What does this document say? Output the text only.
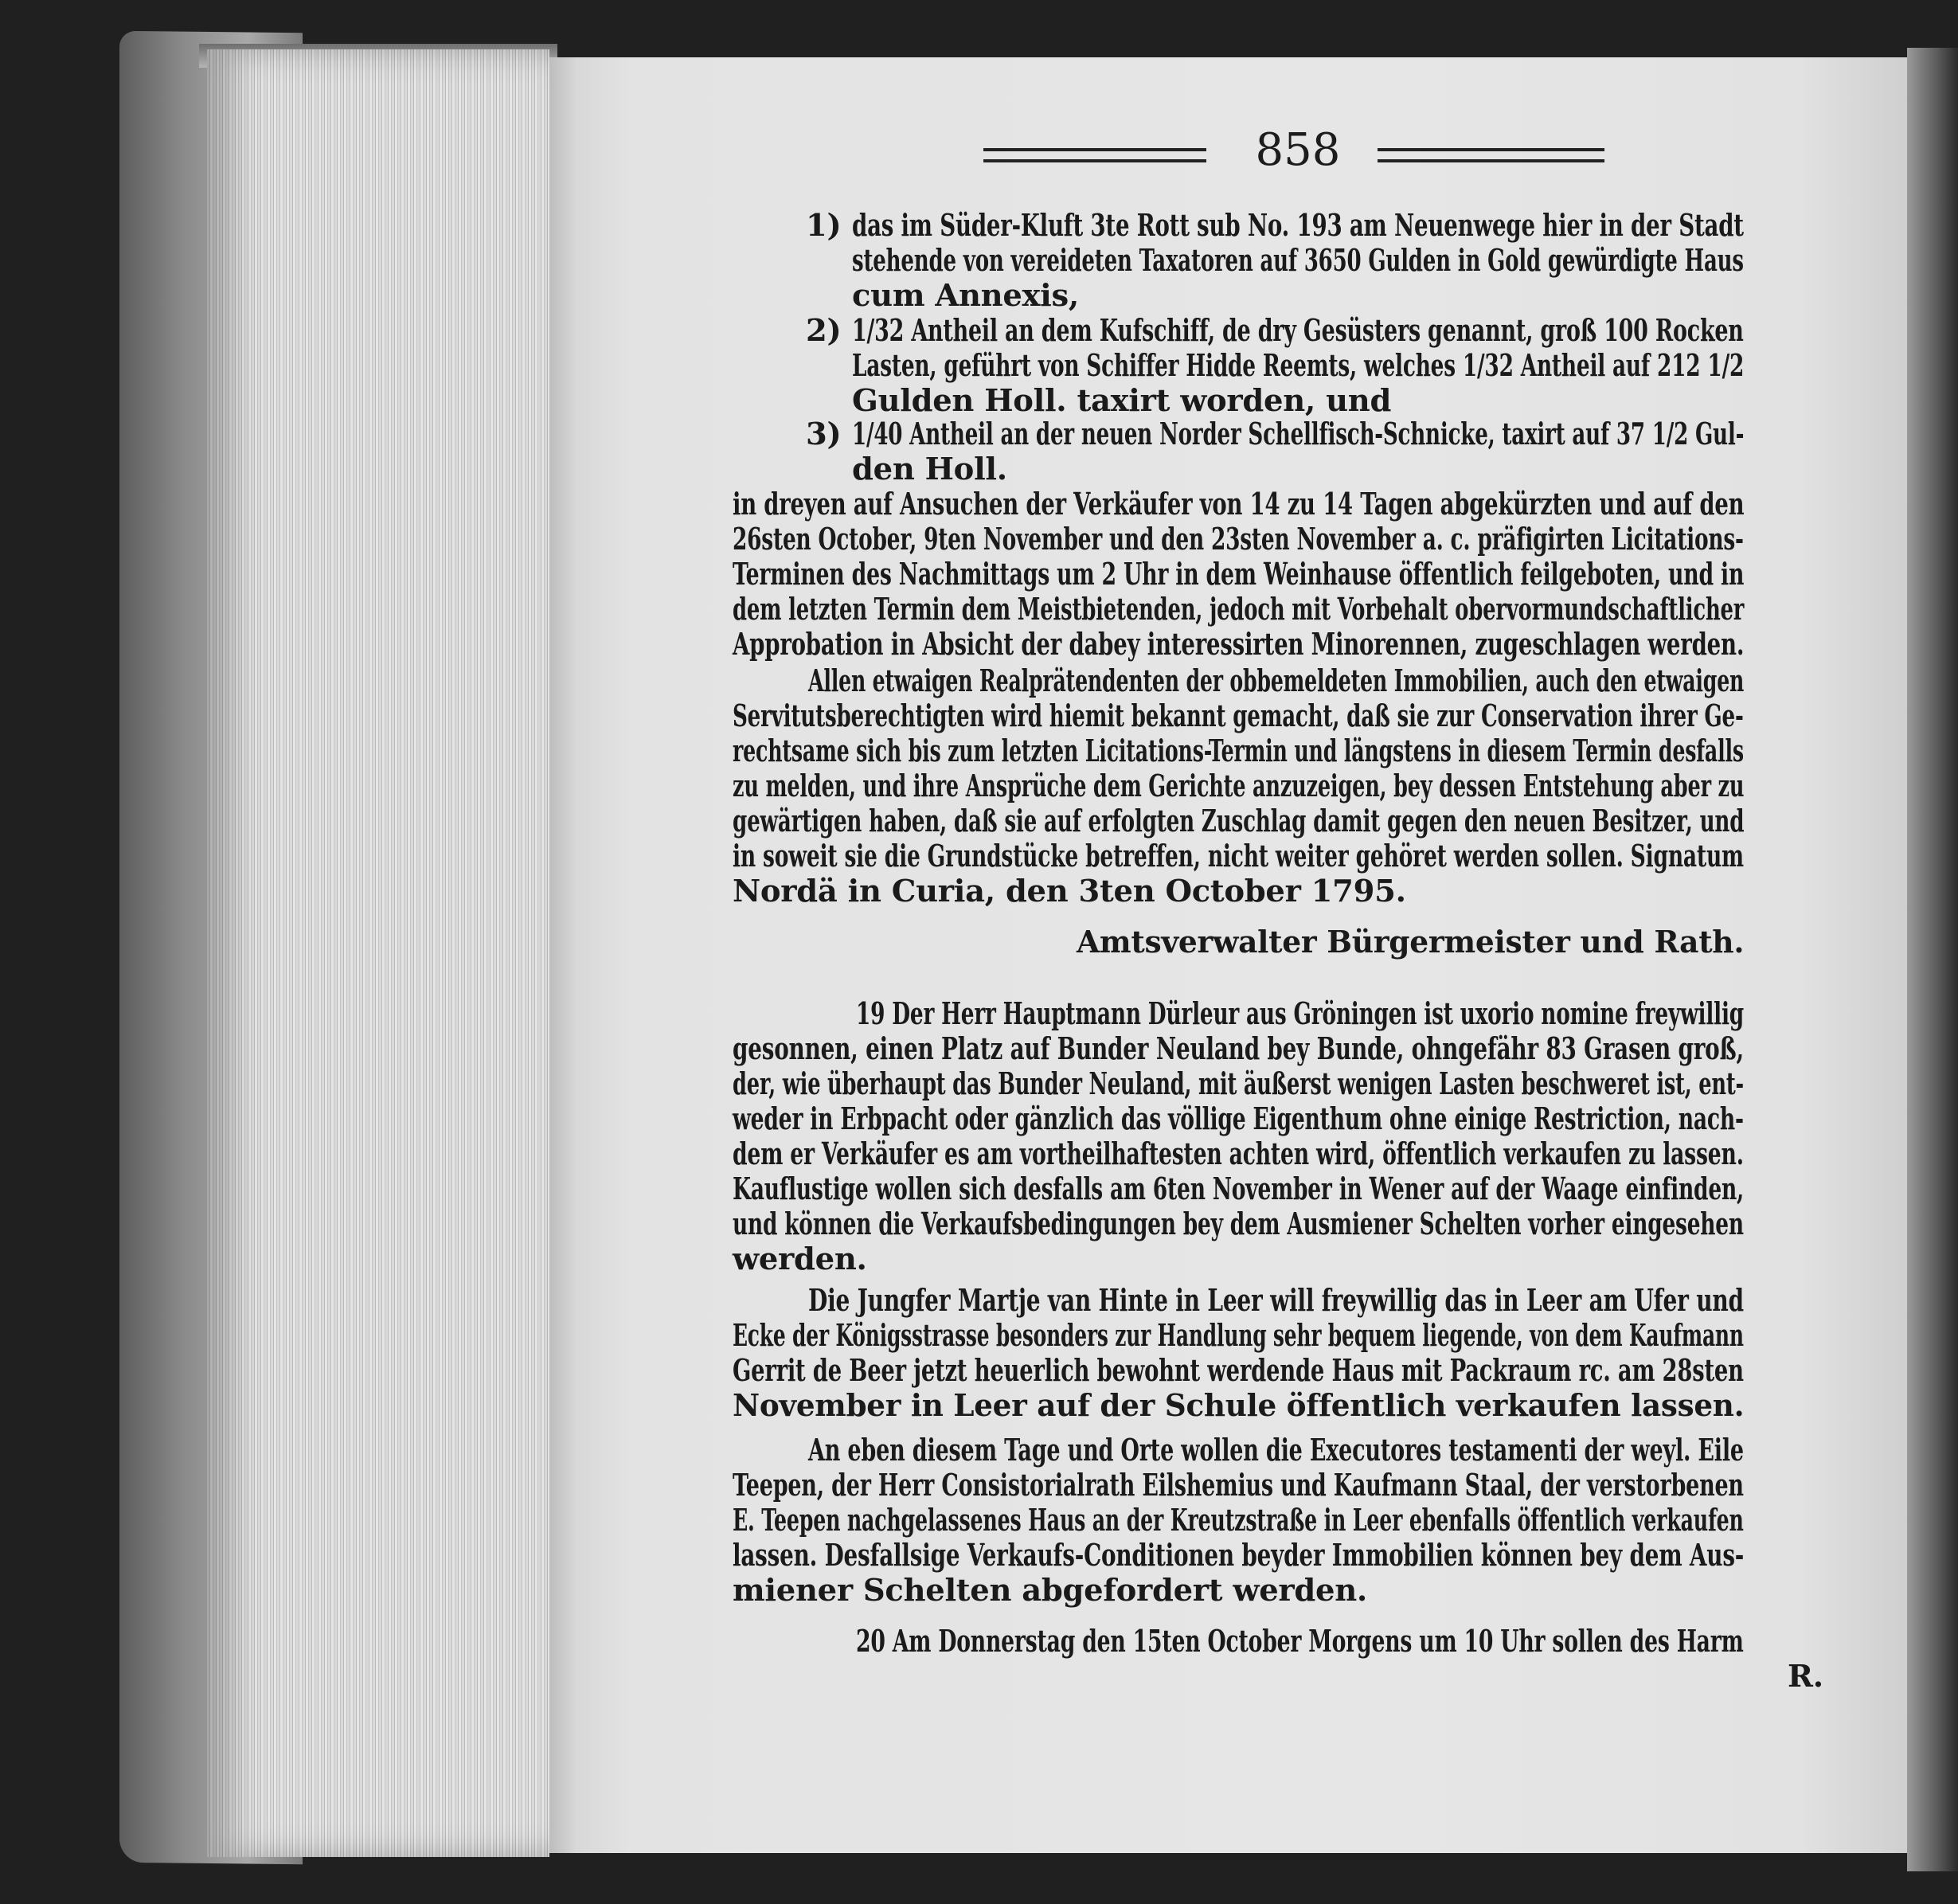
858
1) das im Süder-Kluft 3te Rott sub No. 193 am Neuenwege hier in der Stadt
stehende von vereideten Taxatoren auf 3650 Gulden in Gold gewürdigte Haus
cum Annexis,
2) 1/32 Antheil an dem Kufschiff, de dry Gesüsters genannt, groß 100 Rocken
Lasten, geführt von Schiffer Hidde Reemts, welches 1/32 Antheil auf 212 1/2
Gulden Holl. taxirt worden, und
3) 1/40 Antheil an der neuen Norder Schellfisch-Schnicke, taxirt auf 37 1/2 Gul-
den Holl.
in dreyen auf Ansuchen der Verkäufer von 14 zu 14 Tagen abgekürzten und auf den
26sten October, 9ten November und den 23sten November a. c. präfigirten Licitations-
Terminen des Nachmittags um 2 Uhr in dem Weinhause öffentlich feilgeboten, und in
dem letzten Termin dem Meistbietenden, jedoch mit Vorbehalt obervormundschaftlicher
Approbation in Absicht der dabey interessirten Minorennen, zugeschlagen werden.
Allen etwaigen Realprätendenten der obbemeldeten Immobilien, auch den etwaigen
Servitutsberechtigten wird hiemit bekannt gemacht, daß sie zur Conservation ihrer Ge-
rechtsame sich bis zum letzten Licitations-Termin und längstens in diesem Termin desfalls
zu melden, und ihre Ansprüche dem Gerichte anzuzeigen, bey dessen Entstehung aber zu
gewärtigen haben, daß sie auf erfolgten Zuschlag damit gegen den neuen Besitzer, und
in soweit sie die Grundstücke betreffen, nicht weiter gehöret werden sollen. Signatum
Nordä in Curia, den 3ten October 1795.
Amtsverwalter Bürgermeister und Rath.
19 Der Herr Hauptmann Dürleur aus Gröningen ist uxorio nomine freywillig
gesonnen, einen Platz auf Bunder Neuland bey Bunde, ohngefähr 83 Grasen groß,
der, wie überhaupt das Bunder Neuland, mit äußerst wenigen Lasten beschweret ist, ent-
weder in Erbpacht oder gänzlich das völlige Eigenthum ohne einige Restriction, nach-
dem er Verkäufer es am vortheilhaftesten achten wird, öffentlich verkaufen zu lassen.
Kauflustige wollen sich desfalls am 6ten November in Wener auf der Waage einfinden,
und können die Verkaufsbedingungen bey dem Ausmiener Schelten vorher eingesehen
werden.
Die Jungfer Martje van Hinte in Leer will freywillig das in Leer am Ufer und
Ecke der Königsstrasse besonders zur Handlung sehr bequem liegende, von dem Kaufmann
Gerrit de Beer jetzt heuerlich bewohnt werdende Haus mit Packraum rc. am 28sten
November in Leer auf der Schule öffentlich verkaufen lassen.
An eben diesem Tage und Orte wollen die Executores testamenti der weyl. Eile
Teepen, der Herr Consistorialrath Eilshemius und Kaufmann Staal, der verstorbenen
E. Teepen nachgelassenes Haus an der Kreutzstraße in Leer ebenfalls öffentlich verkaufen
lassen. Desfallsige Verkaufs-Conditionen beyder Immobilien können bey dem Aus-
miener Schelten abgefordert werden.
20 Am Donnerstag den 15ten October Morgens um 10 Uhr sollen des Harm
R.
